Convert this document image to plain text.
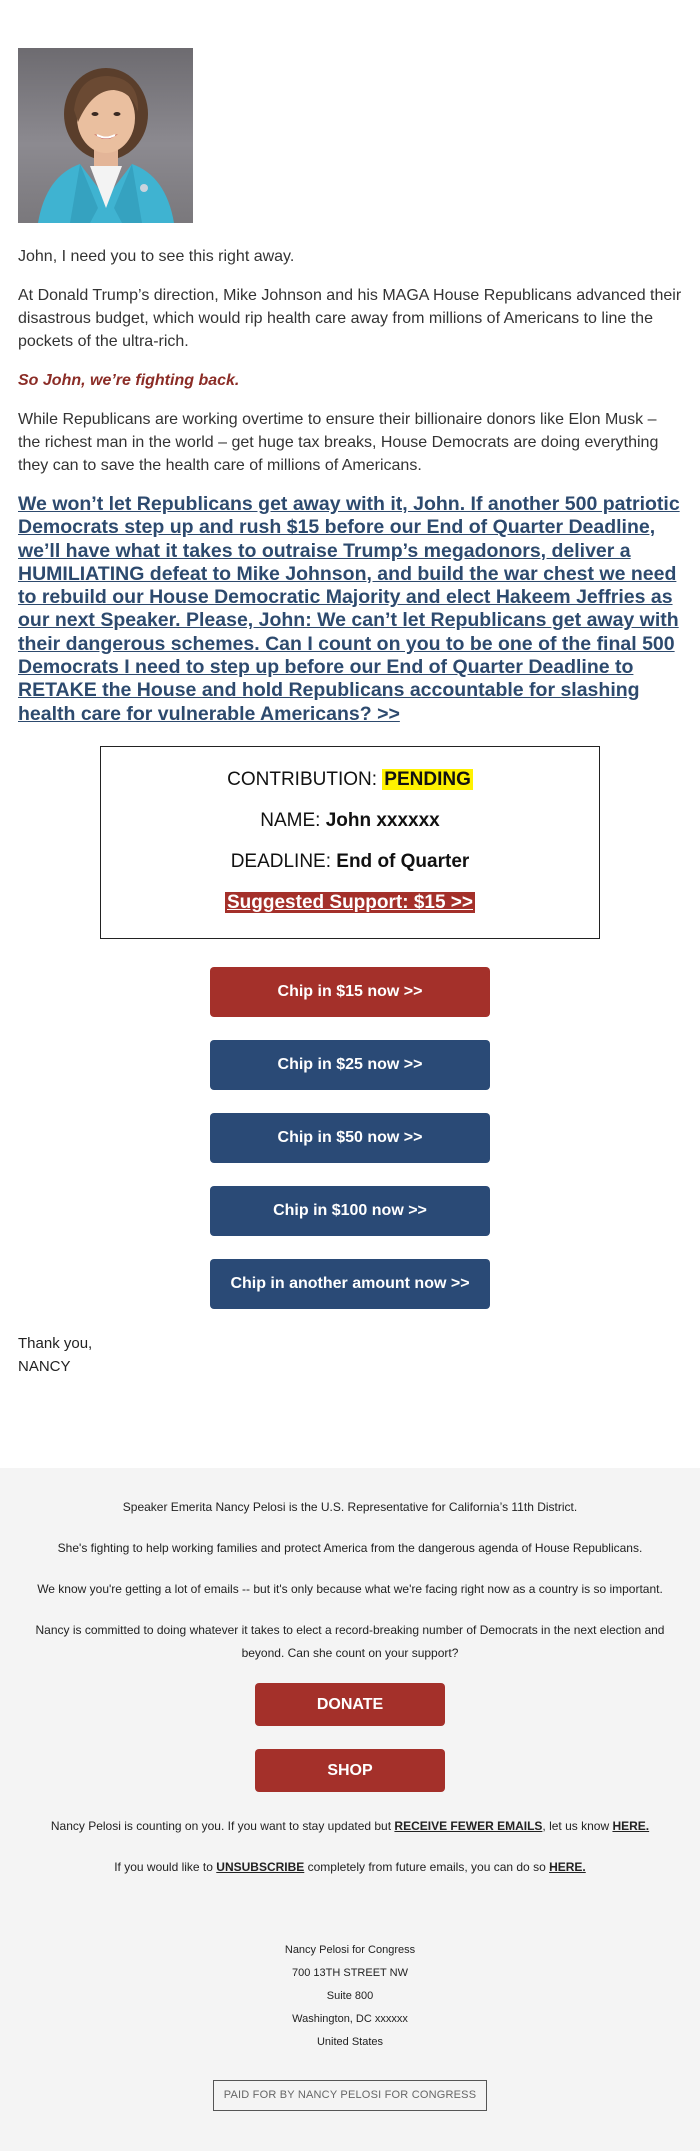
John, I need you to see this right away.

At Donald Trump’s direction, Mike Johnson and his MAGA House Republicans advanced their disastrous budget, which would rip health care away from millions of Americans to line the pockets of the ultra-rich.

So John, we’re fighting back.

While Republicans are working overtime to ensure their billionaire donors like Elon Musk – the richest man in the world – get huge tax breaks, House Democrats are doing everything they can to save the health care of millions of Americans.

We won’t let Republicans get away with it, John. If another 500 patriotic Democrats step up and rush $15 before our End of Quarter Deadline, we’ll have what it takes to outraise Trump’s megadonors, deliver a HUMILIATING defeat to Mike Johnson, and build the war chest we need to rebuild our House Democratic Majority and elect Hakeem Jeffries as our next Speaker. Please, John: We can’t let Republicans get away with their dangerous schemes. Can I count on you to be one of the final 500 Democrats I need to step up before our End of Quarter Deadline to RETAKE the House and hold Republicans accountable for slashing health care for vulnerable Americans? >>
CONTRIBUTION: PENDING
NAME: John xxxxxx
DEADLINE: End of Quarter
Suggested Support: $15 >>
Chip in $15 now >>
Chip in $25 now >>
Chip in $50 now >>
Chip in $100 now >>
Chip in another amount now >>
Thank you,
NANCY

Speaker Emerita Nancy Pelosi is the U.S. Representative for California’s 11th District.

She's fighting to help working families and protect America from the dangerous agenda of House Republicans.

We know you're getting a lot of emails -- but it's only because what we're facing right now as a country is so important.

Nancy is committed to doing whatever it takes to elect a record-breaking number of Democrats in the next election and beyond. Can she count on your support?

DONATE
SHOP

Nancy Pelosi is counting on you. If you want to stay updated but RECEIVE FEWER EMAILS, let us know HERE.

If you would like to UNSUBSCRIBE completely from future emails, you can do so HERE.

Nancy Pelosi for Congress
700 13TH STREET NW
Suite 800
Washington, DC xxxxxx
United States
PAID FOR BY NANCY PELOSI FOR CONGRESS
